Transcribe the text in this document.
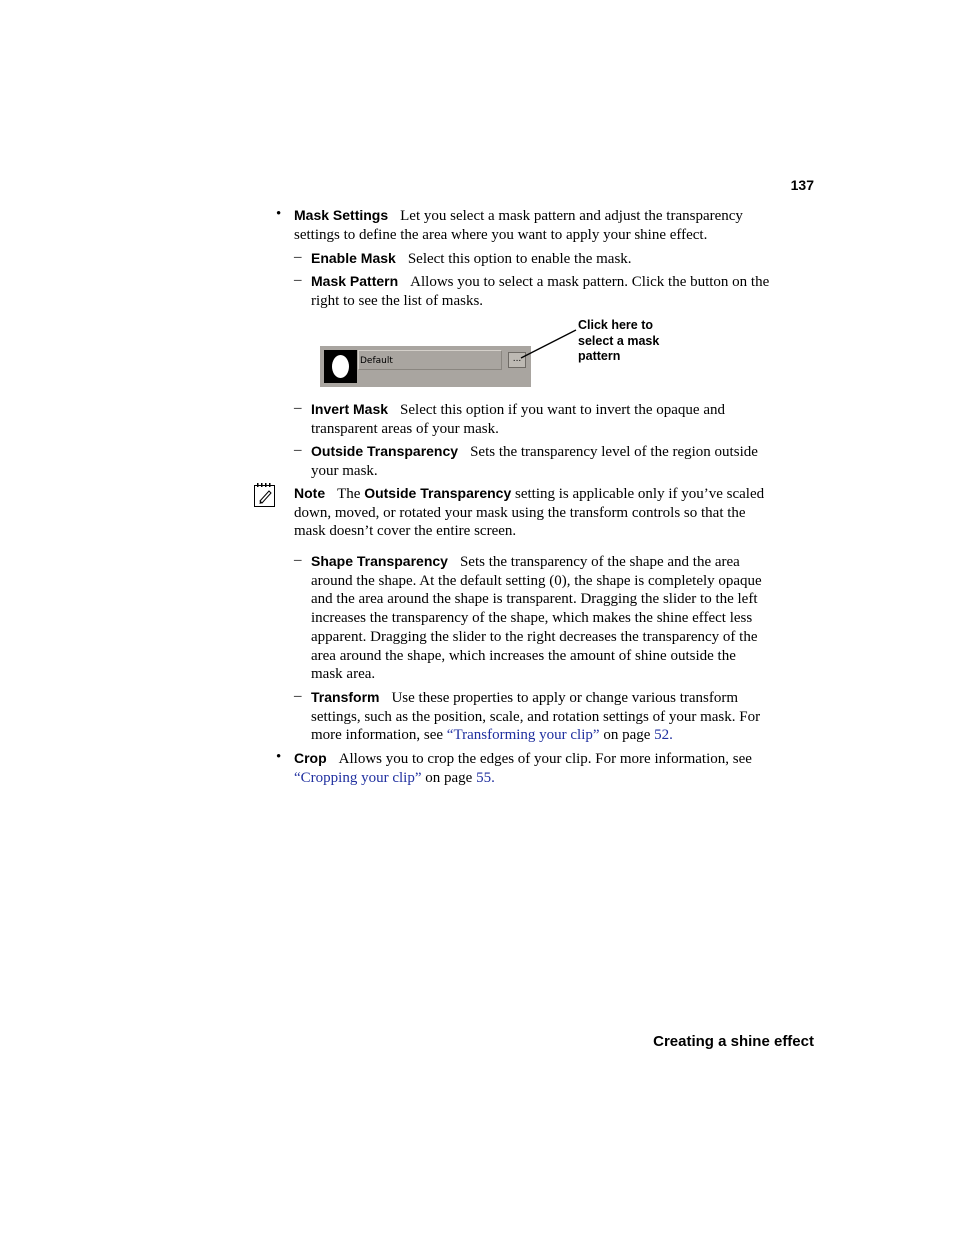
137
• Mask Settings Let you select a mask pattern and adjust the transparency settings to define the area where you want to apply your shine effect.
– Enable Mask Select this option to enable the mask.
– Mask Pattern Allows you to select a mask pattern. Click the button on the right to see the list of masks.
Default	...
Click here to select a mask pattern
– Invert Mask Select this option if you want to invert the opaque and transparent areas of your mask.
– Outside Transparency Sets the transparency level of the region outside your mask.
Note The Outside Transparency setting is applicable only if you’ve scaled down, moved, or rotated your mask using the transform controls so that the mask doesn’t cover the entire screen.
– Shape Transparency Sets the transparency of the shape and the area around the shape. At the default setting (0), the shape is completely opaque and the area around the shape is transparent. Dragging the slider to the left increases the transparency of the shape, which makes the shine effect less apparent. Dragging the slider to the right decreases the transparency of the area around the shape, which increases the amount of shine outside the mask area.
– Transform Use these properties to apply or change various transform settings, such as the position, scale, and rotation settings of your mask. For more information, see “Transforming your clip” on page 52.
• Crop Allows you to crop the edges of your clip. For more information, see “Cropping your clip” on page 55.
Creating a shine effect
